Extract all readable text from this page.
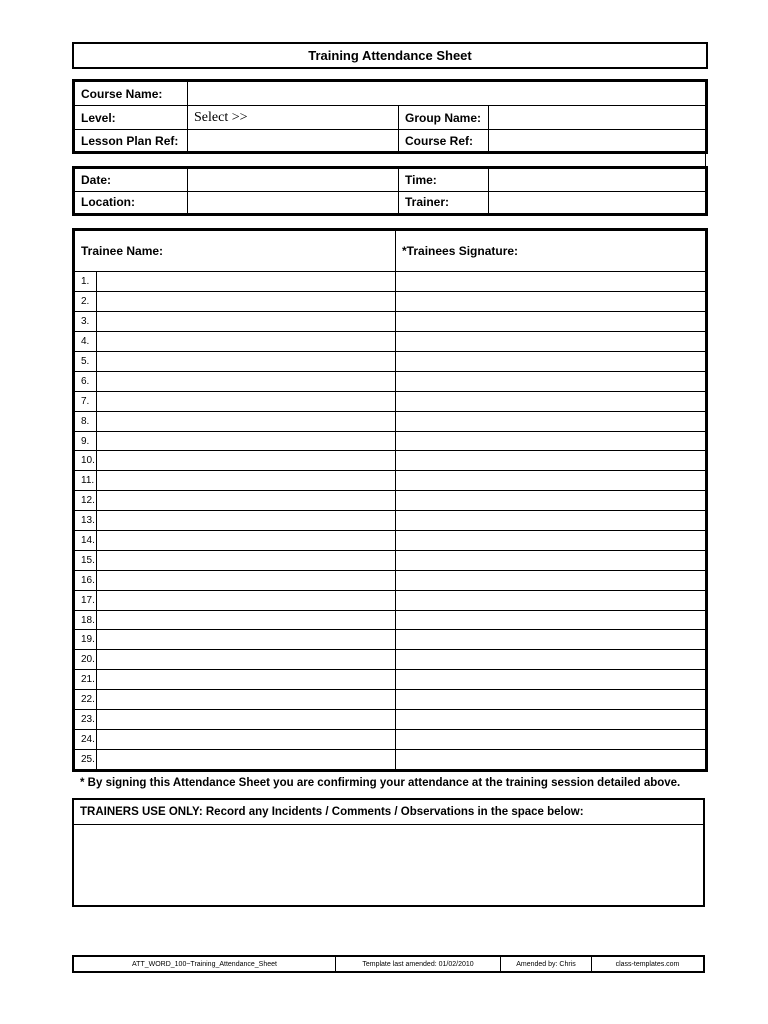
Training Attendance Sheet
Course Name:			
Level:	Select >>	Group Name:	
Lesson Plan Ref:		Course Ref:	
Date:		Time:	
Location:		Trainer:	
Trainee Name:		*Trainees Signature:
1.		
2.		
3.		
4.		
5.		
6.		
7.		
8.		
9.		
10.		
11.		
12.		
13.		
14.		
15.		
16.		
17.		
18.		
19.		
20.		
21.		
22.		
23.		
24.		
25.		
* By signing this Attendance Sheet you are confirming your attendance at the training session detailed above.
TRAINERS USE ONLY: Record any Incidents / Comments / Observations in the space below:
ATT_WORD_100~Training_Attendance_Sheet	Template last amended: 01/02/2010	Amended by: Chris	class-templates.com
